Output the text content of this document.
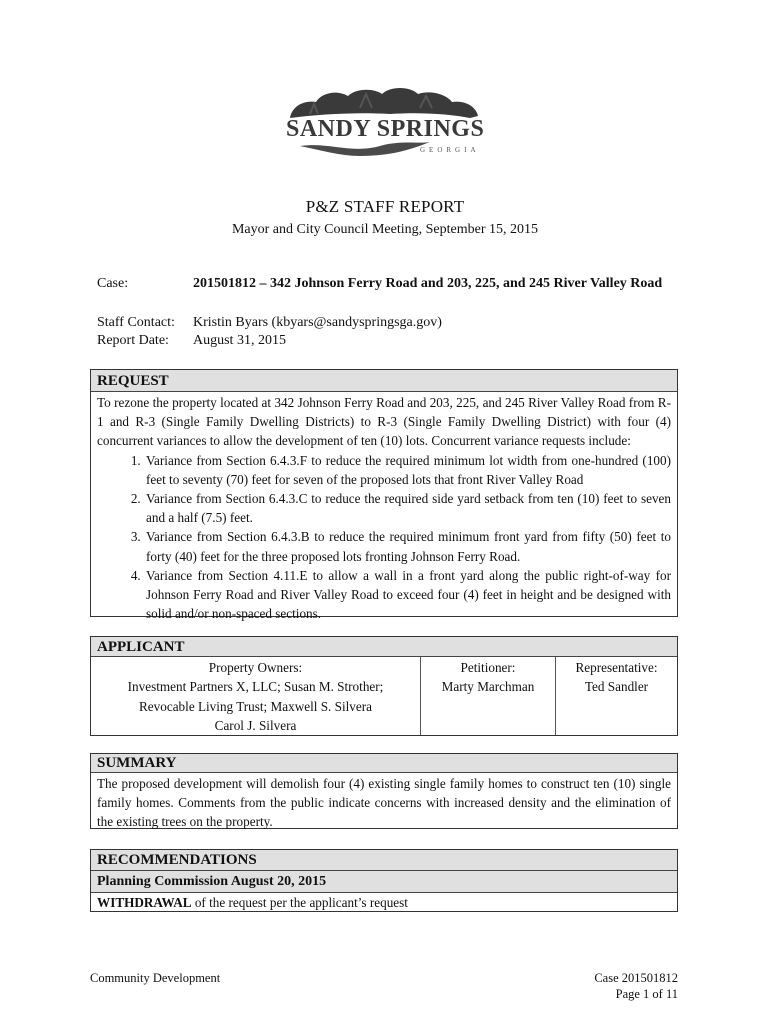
SANDY SPRINGS
GEORGIA
P&Z STAFF REPORT
Mayor and City Council Meeting, September 15, 2015
Case:	201501812 – 342 Johnson Ferry Road and 203, 225, and 245 River Valley Road
Staff Contact: Kristin Byars (kbyars@sandyspringsga.gov)
Report Date: August 31, 2015
REQUEST
To rezone the property located at 342 Johnson Ferry Road and 203, 225, and 245 River Valley Road from R-1 and R-3 (Single Family Dwelling Districts) to R-3 (Single Family Dwelling District) with four (4) concurrent variances to allow the development of ten (10) lots. Concurrent variance requests include:
1. Variance from Section 6.4.3.F to reduce the required minimum lot width from one-hundred (100) feet to seventy (70) feet for seven of the proposed lots that front River Valley Road
2. Variance from Section 6.4.3.C to reduce the required side yard setback from ten (10) feet to seven and a half (7.5) feet.
3. Variance from Section 6.4.3.B to reduce the required minimum front yard from fifty (50) feet to forty (40) feet for the three proposed lots fronting Johnson Ferry Road.
4. Variance from Section 4.11.E to allow a wall in a front yard along the public right-of-way for Johnson Ferry Road and River Valley Road to exceed four (4) feet in height and be designed with solid and/or non-spaced sections.
APPLICANT
Property Owners:
Investment Partners X, LLC; Susan M. Strother;
Revocable Living Trust; Maxwell S. Silvera
Carol J. Silvera
Petitioner:
Marty Marchman
Representative:
Ted Sandler
SUMMARY
The proposed development will demolish four (4) existing single family homes to construct ten (10) single family homes. Comments from the public indicate concerns with increased density and the elimination of the existing trees on the property.
RECOMMENDATIONS
Planning Commission August 20, 2015
WITHDRAWAL of the request per the applicant’s request
Community Development	Case 201501812
Page 1 of 11
